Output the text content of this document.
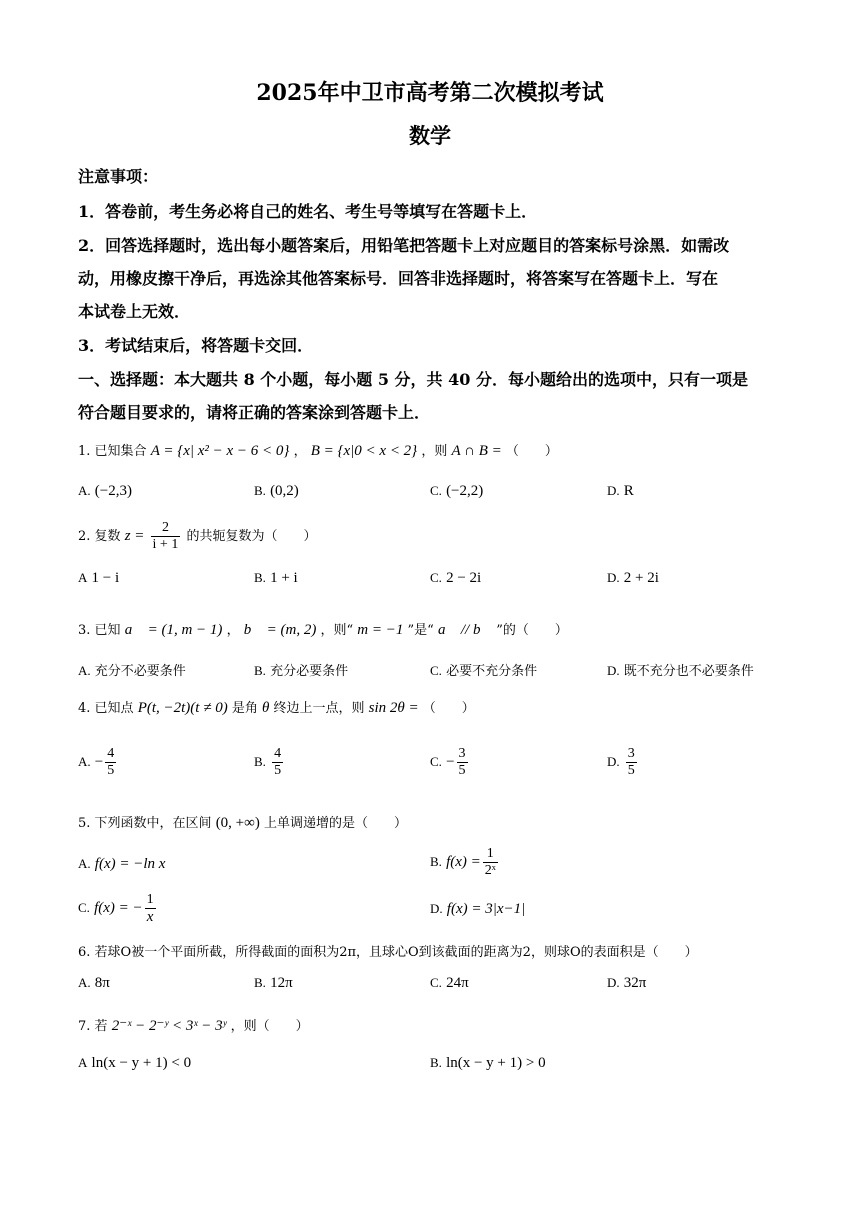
2025年中卫市高考第二次模拟考试
数学
注意事项：
1．答卷前，考生务必将自己的姓名、考生号等填写在答题卡上．
2．回答选择题时，选出每小题答案后，用铅笔把答题卡上对应题目的答案标号涂黑．如需改
动，用橡皮擦干净后，再选涂其他答案标号．回答非选择题时，将答案写在答题卡上．写在
本试卷上无效．
3．考试结束后，将答题卡交回．
一、选择题：本大题共 8 个小题，每小题 5 分，共 40 分．每小题给出的选项中，只有一项是
符合题目要求的，请将正确的答案涂到答题卡上．
1. 已知集合 A = {x| x² − x − 6 < 0} ， B = {x|0 < x < 2} ，则 A ∩ B = （　　）
A. (−2,3)	B. (0,2)	C. (−2,2)	D. R
2. 复数 $z = \frac{2}{i + 1}$ 的共轭复数为（　　）
A 1 − i	B. 1 + i	C. 2 − 2i	D. 2 + 2i
3. 已知 a⃗ = (1, m − 1) ， b⃗ = (m, 2) ，则“ m = −1 ”是“ a⃗ // b⃗ ”的（　　）
A. 充分不必要条件	B. 充分必要条件	C. 必要不充分条件	D. 既不充分也不必要条件
4. 已知点 P(t, −2t)(t ≠ 0) 是角 θ 终边上一点，则 sin 2θ = （　　）
A. − $\frac{4}{5}$	B. $\frac{4}{5}$	C. − $\frac{3}{5}$	D. $\frac{3}{5}$
5. 下列函数中，在区间 (0, +∞) 上单调递增的是（　　）
A. f(x) = −ln x	B. $f(x) = \frac{1}{\text{2ˣ}}$
C. f(x) = − $\frac{1}{x}$	D. f(x) = 3|x−1|
6. 若球O被一个平面所截，所得截面的面积为2π，且球心O到该截面的距离为2，则球O的表面积是（　　）
A. 8π	B. 12π	C. 24π	D. 32π
7. 若 2⁻ˣ − 2⁻ʸ < 3ˣ − 3ʸ ，则（　　）
A ln(x − y + 1) < 0	B. ln(x − y + 1) > 0
